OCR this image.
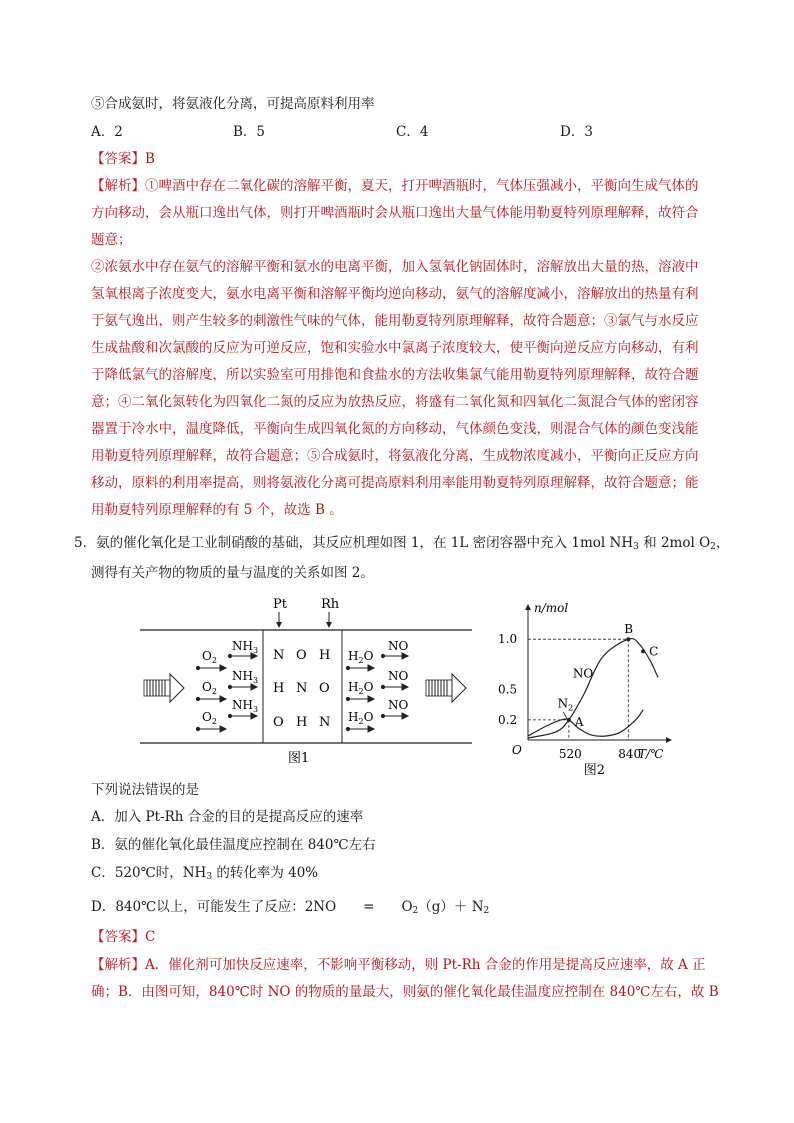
⑤合成氨时，将氨液化分离，可提高原料利用率
A．2	B．5	C．4	D．3
【答案】B
【解析】①啤酒中存在二氧化碳的溶解平衡，夏天，打开啤酒瓶时，气体压强减小，平衡向生成气体的
方向移动，会从瓶口逸出气体，则打开啤酒瓶时会从瓶口逸出大量气体能用勒夏特列原理解释，故符合
题意；
②浓氨水中存在氨气的溶解平衡和氨水的电离平衡，加入氢氧化钠固体时，溶解放出大量的热，溶液中
氢氧根离子浓度变大，氨水电离平衡和溶解平衡均逆向移动，氨气的溶解度减小，溶解放出的热量有利
于氨气逸出，则产生较多的刺激性气味的气体，能用勒夏特列原理解释，故符合题意；③氯气与水反应
生成盐酸和次氯酸的反应为可逆反应，饱和实验水中氯离子浓度较大，使平衡向逆反应方向移动，有利
于降低氯气的溶解度，所以实验室可用排饱和食盐水的方法收集氯气能用勒夏特列原理解释，故符合题
意；④二氧化氮转化为四氧化二氮的反应为放热反应，将盛有二氧化氮和四氧化二氮混合气体的密闭容
器置于冷水中，温度降低，平衡向生成四氧化氮的方向移动，气体颜色变浅，则混合气体的颜色变浅能
用勒夏特列原理解释，故符合题意；⑤合成氨时，将氨液化分离，生成物浓度减小，平衡向正反应方向
移动，原料的利用率提高，则将氨液化分离可提高原料利用率能用勒夏特列原理解释，故符合题意；能
用勒夏特列原理解释的有 5 个，故选 B 。
5．氨的催化氧化是工业制硝酸的基础，其反应机理如图 1，在 1L 密闭容器中充入 1mol $NH_3$ 和 2mol $O_2$，
测得有关产物的物质的量与温度的关系如图 2。
Pt	Rh
$O_2$
$NH_3$
$O_2$
$NH_3$
$O_2$
$NH_3$
N O H
H N O
O H N
$H_2O$
NO
$H_2O$
NO
$H_2O$
NO
图1
n/mol
T/℃
O
0.2
0.5
1.0
520	840
NO
$N_2$
A
B
C
图2
下列说法错误的是
A．加入 Pt-Rh 合金的目的是提高反应的速率
B．氨的催化氧化最佳温度应控制在 840℃左右
C．520℃时，$NH_3$ 的转化率为 40%
D．840℃以上，可能发生了反应：2NO　　=　　$O_2(g)+ N_2$
【答案】C
【解析】A．催化剂可加快反应速率，不影响平衡移动，则 Pt-Rh 合金的作用是提高反应速率，故 A 正
确；B．由图可知，840℃时 NO 的物质的量最大，则氨的催化氧化最佳温度应控制在 840℃左右，故 B
